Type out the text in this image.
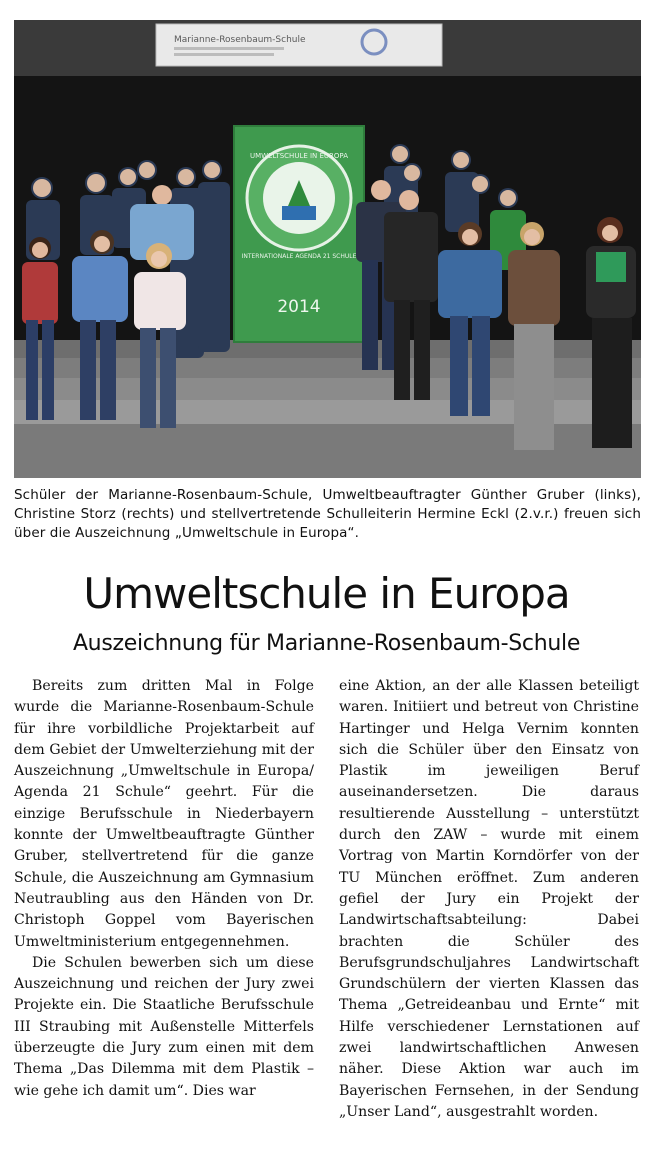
Marianne-Rosenbaum-Schule
UMWELTSCHULE IN EUROPA
INTERNATIONALE AGENDA 21 SCHULE
2014
Schüler der Marianne-Rosenbaum-Schule, Umweltbeauftragter Günther Gruber (links), Christine Storz (rechts) und stellvertretende Schulleiterin Hermine Eckl (2.v.r.) freuen sich über die Auszeichnung „Umweltschule in Europa“.
Umweltschule in Europa
Auszeichnung für Marianne-Rosenbaum-Schule

Bereits zum dritten Mal in Folge wurde die Marianne-Rosenbaum-Schule für ihre vorbildliche Projektarbeit auf dem Gebiet der Umwelterziehung mit der Auszeichnung „Umweltschule in Europa/ Agenda 21 Schule“ geehrt. Für die einzige Berufsschule in Niederbayern konnte der Umweltbeauftragte Günther Gruber, stellvertretend für die ganze Schule, die Auszeichnung am Gymnasium Neutraubling aus den Händen von Dr. Christoph Goppel vom Bayerischen Umweltministerium entgegennehmen.

Die Schulen bewerben sich um diese Auszeichnung und reichen der Jury zwei Projekte ein. Die Staatliche Berufsschule III Straubing mit Außenstelle Mitterfels überzeugte die Jury zum einen mit dem Thema „Das Dilemma mit dem Plastik – wie gehe ich damit um“. Dies war

eine Aktion, an der alle Klassen beteiligt waren. Initiiert und betreut von Christine Hartinger und Helga Vernim konnten sich die Schüler über den Einsatz von Plastik im jeweiligen Beruf auseinandersetzen. Die daraus resultierende Ausstellung – unterstützt durch den ZAW – wurde mit einem Vortrag von Martin Korndörfer von der TU München eröffnet. Zum anderen gefiel der Jury ein Projekt der Landwirtschaftsabteilung: Dabei brachten die Schüler des Berufsgrundschuljahres Landwirtschaft Grundschülern der vierten Klassen das Thema „Getreideanbau und Ernte“ mit Hilfe verschiedener Lernstationen auf zwei landwirtschaftlichen Anwesen näher. Diese Aktion war auch im Bayerischen Fernsehen, in der Sendung „Unser Land“, ausgestrahlt worden.
